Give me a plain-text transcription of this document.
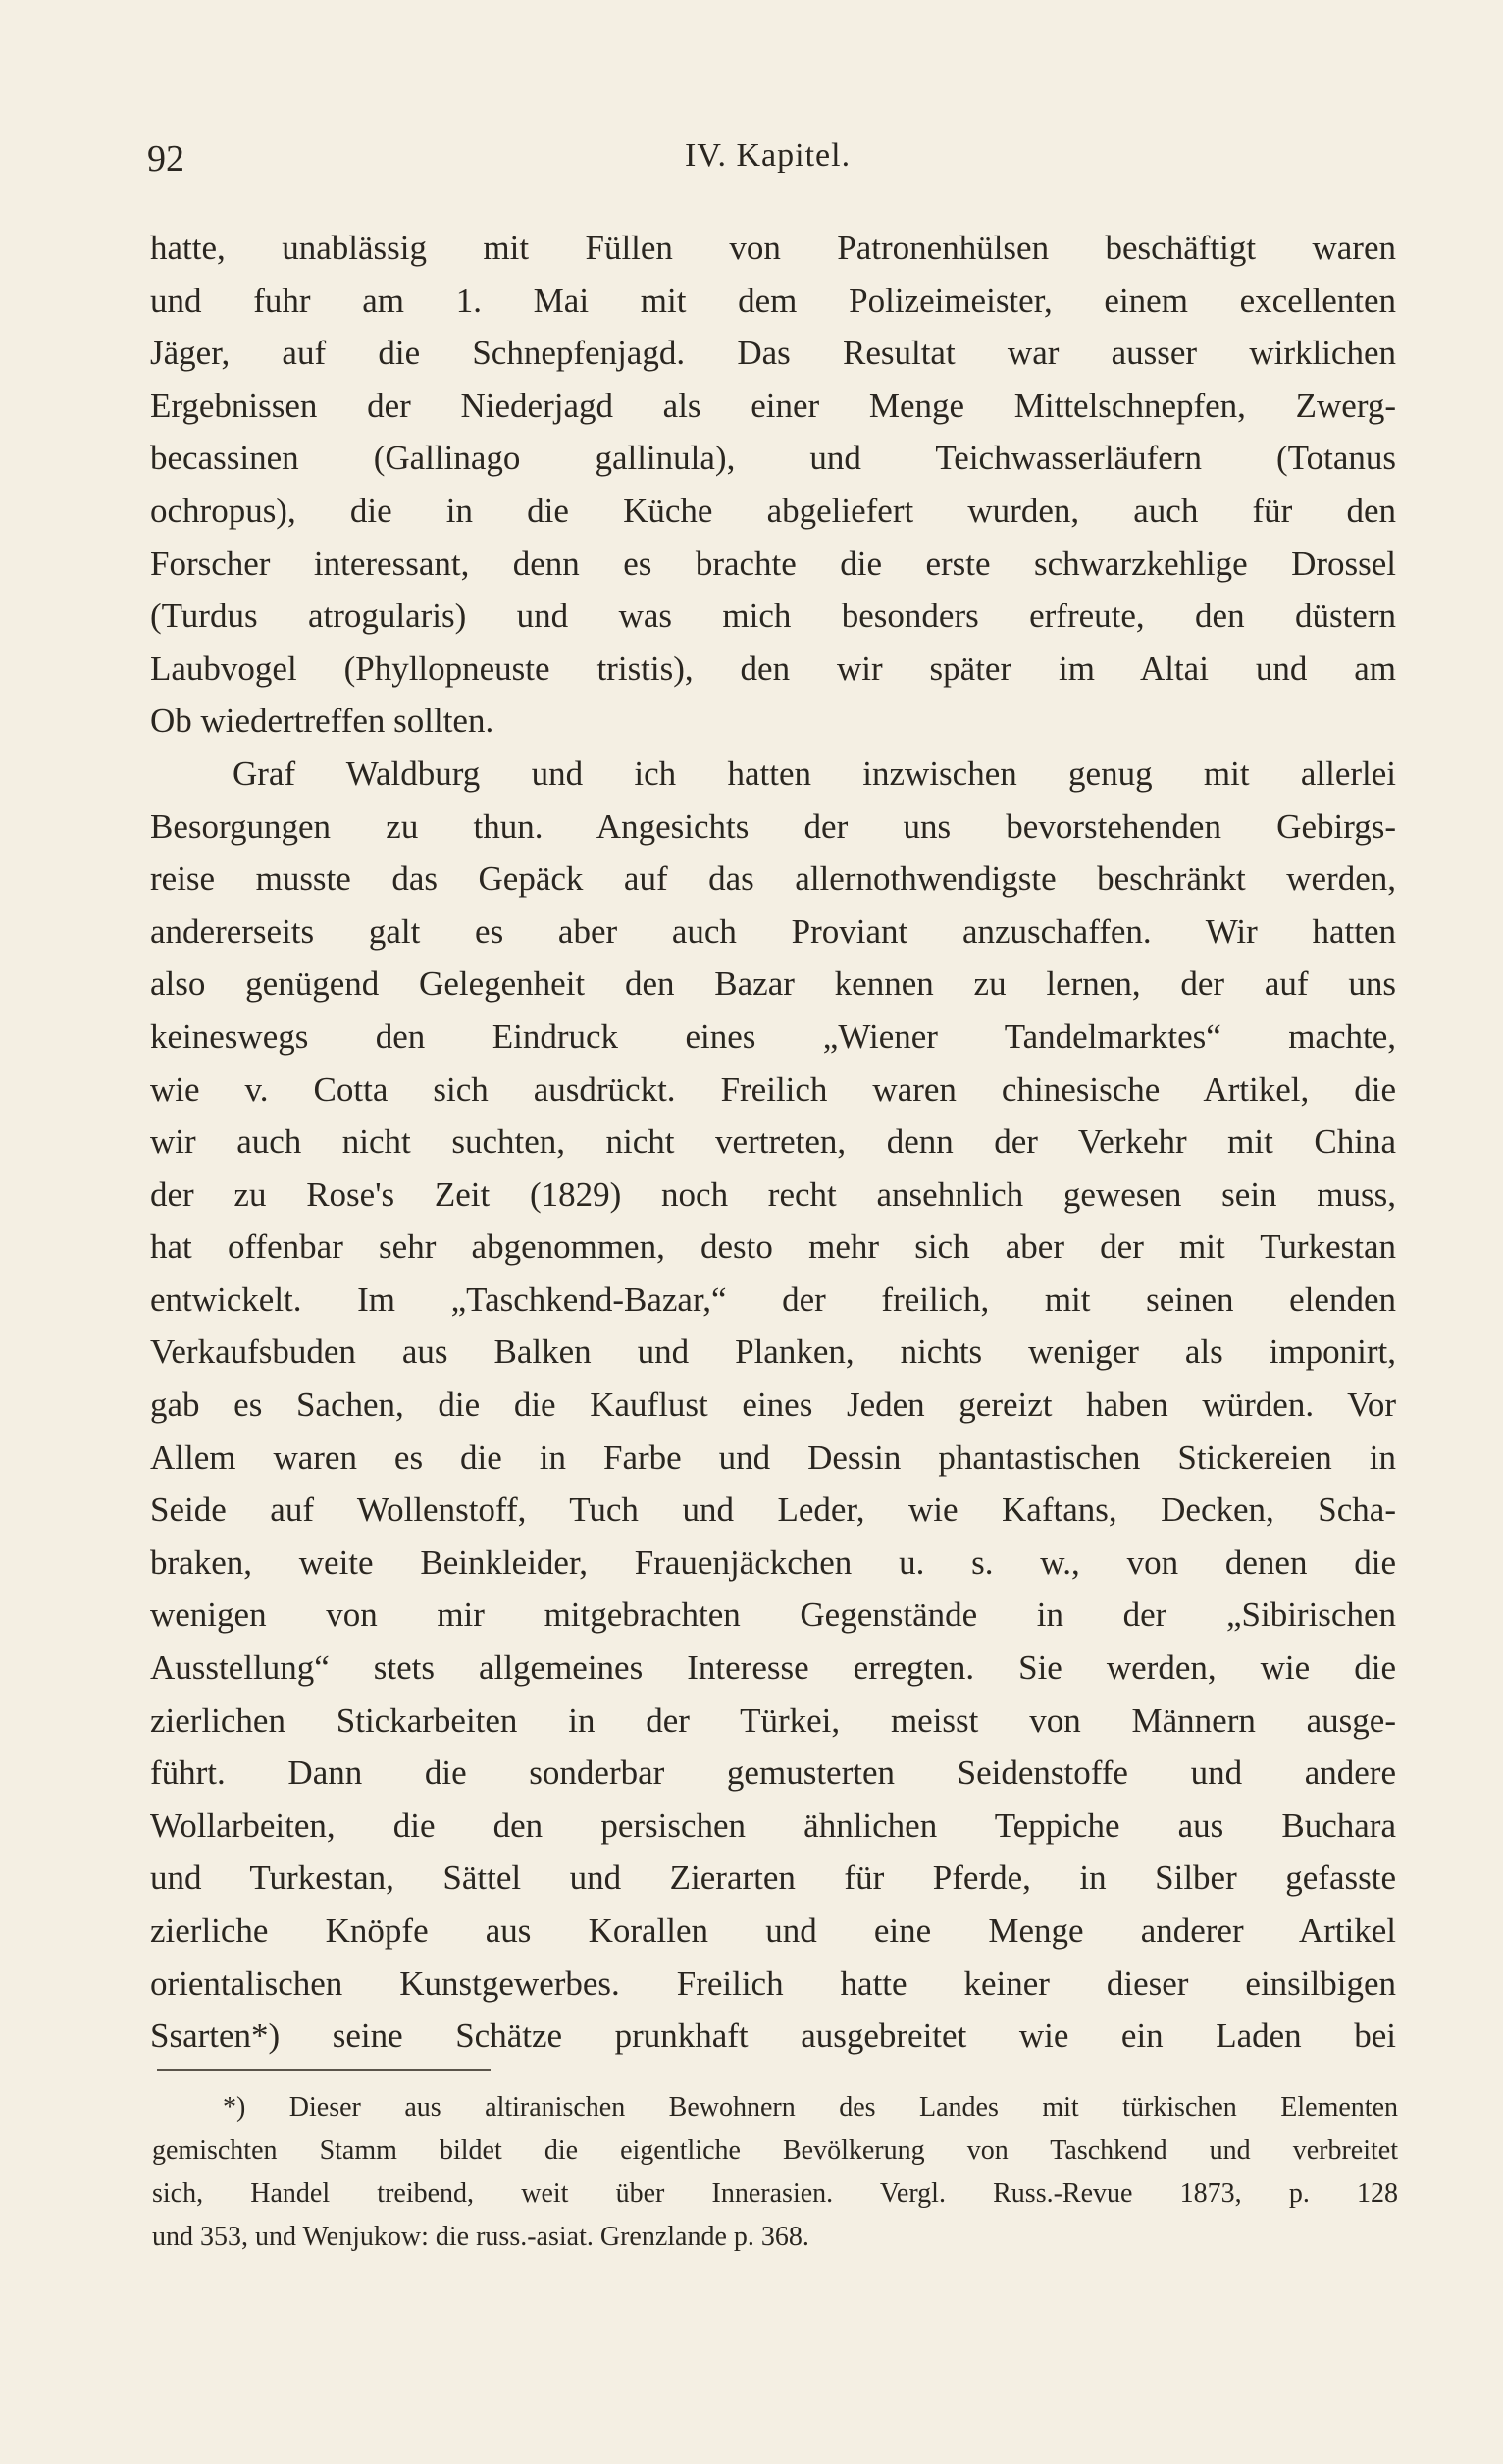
92	IV. Kapitel.
hatte, unablässig mit Füllen von Patronenhülsen beschäftigt waren
und fuhr am 1. Mai mit dem Polizeimeister, einem excellenten
Jäger, auf die Schnepfenjagd. Das Resultat war ausser wirklichen
Ergebnissen der Niederjagd als einer Menge Mittelschnepfen, Zwerg-
becassinen (Gallinago gallinula), und Teichwasserläufern (Totanus
ochropus), die in die Küche abgeliefert wurden, auch für den
Forscher interessant, denn es brachte die erste schwarzkehlige Drossel
(Turdus atrogularis) und was mich besonders erfreute, den düstern
Laubvogel (Phyllopneuste tristis), den wir später im Altai und am
Ob wiedertreffen sollten.
Graf Waldburg und ich hatten inzwischen genug mit allerlei
Besorgungen zu thun. Angesichts der uns bevorstehenden Gebirgs-
reise musste das Gepäck auf das allernothwendigste beschränkt werden,
andererseits galt es aber auch Proviant anzuschaffen. Wir hatten
also genügend Gelegenheit den Bazar kennen zu lernen, der auf uns
keineswegs den Eindruck eines „Wiener Tandelmarktes“ machte,
wie v. Cotta sich ausdrückt. Freilich waren chinesische Artikel, die
wir auch nicht suchten, nicht vertreten, denn der Verkehr mit China
der zu Rose's Zeit (1829) noch recht ansehnlich gewesen sein muss,
hat offenbar sehr abgenommen, desto mehr sich aber der mit Turkestan
entwickelt. Im „Taschkend-Bazar,“ der freilich, mit seinen elenden
Verkaufsbuden aus Balken und Planken, nichts weniger als imponirt,
gab es Sachen, die die Kauflust eines Jeden gereizt haben würden. Vor
Allem waren es die in Farbe und Dessin phantastischen Stickereien in
Seide auf Wollenstoff, Tuch und Leder, wie Kaftans, Decken, Scha-
braken, weite Beinkleider, Frauenjäckchen u. s. w., von denen die
wenigen von mir mitgebrachten Gegenstände in der „Sibirischen
Ausstellung“ stets allgemeines Interesse erregten. Sie werden, wie die
zierlichen Stickarbeiten in der Türkei, meisst von Männern ausge-
führt. Dann die sonderbar gemusterten Seidenstoffe und andere
Wollarbeiten, die den persischen ähnlichen Teppiche aus Buchara
und Turkestan, Sättel und Zierarten für Pferde, in Silber gefasste
zierliche Knöpfe aus Korallen und eine Menge anderer Artikel
orientalischen Kunstgewerbes. Freilich hatte keiner dieser einsilbigen
Ssarten*) seine Schätze prunkhaft ausgebreitet wie ein Laden bei
*) Dieser aus altiranischen Bewohnern des Landes mit türkischen Elementen
gemischten Stamm bildet die eigentliche Bevölkerung von Taschkend und verbreitet
sich, Handel treibend, weit über Innerasien. Vergl. Russ.-Revue 1873, p. 128
und 353, und Wenjukow: die russ.-asiat. Grenzlande p. 368.
